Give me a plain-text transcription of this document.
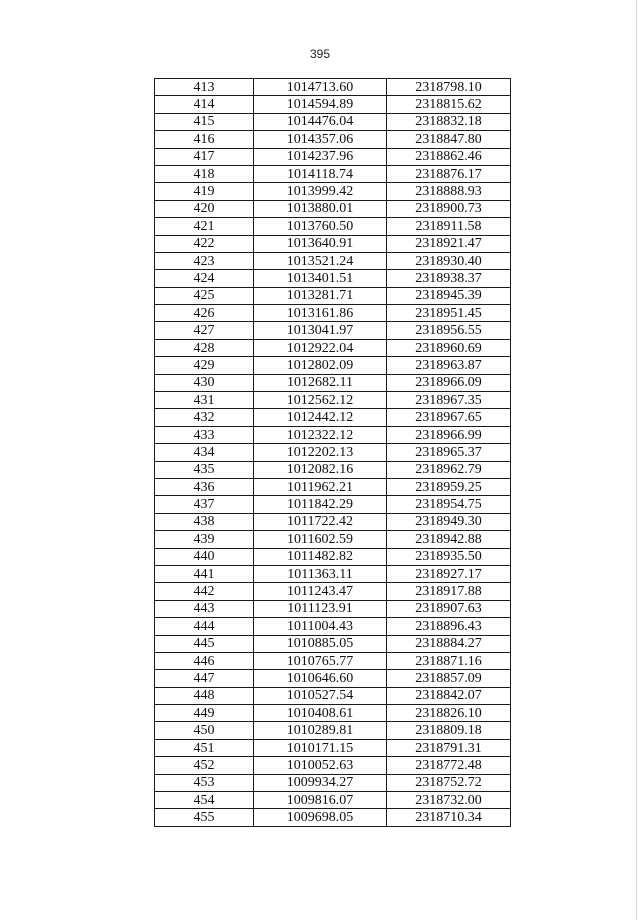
395
413	1014713.60	2318798.10
414	1014594.89	2318815.62
415	1014476.04	2318832.18
416	1014357.06	2318847.80
417	1014237.96	2318862.46
418	1014118.74	2318876.17
419	1013999.42	2318888.93
420	1013880.01	2318900.73
421	1013760.50	2318911.58
422	1013640.91	2318921.47
423	1013521.24	2318930.40
424	1013401.51	2318938.37
425	1013281.71	2318945.39
426	1013161.86	2318951.45
427	1013041.97	2318956.55
428	1012922.04	2318960.69
429	1012802.09	2318963.87
430	1012682.11	2318966.09
431	1012562.12	2318967.35
432	1012442.12	2318967.65
433	1012322.12	2318966.99
434	1012202.13	2318965.37
435	1012082.16	2318962.79
436	1011962.21	2318959.25
437	1011842.29	2318954.75
438	1011722.42	2318949.30
439	1011602.59	2318942.88
440	1011482.82	2318935.50
441	1011363.11	2318927.17
442	1011243.47	2318917.88
443	1011123.91	2318907.63
444	1011004.43	2318896.43
445	1010885.05	2318884.27
446	1010765.77	2318871.16
447	1010646.60	2318857.09
448	1010527.54	2318842.07
449	1010408.61	2318826.10
450	1010289.81	2318809.18
451	1010171.15	2318791.31
452	1010052.63	2318772.48
453	1009934.27	2318752.72
454	1009816.07	2318732.00
455	1009698.05	2318710.34
